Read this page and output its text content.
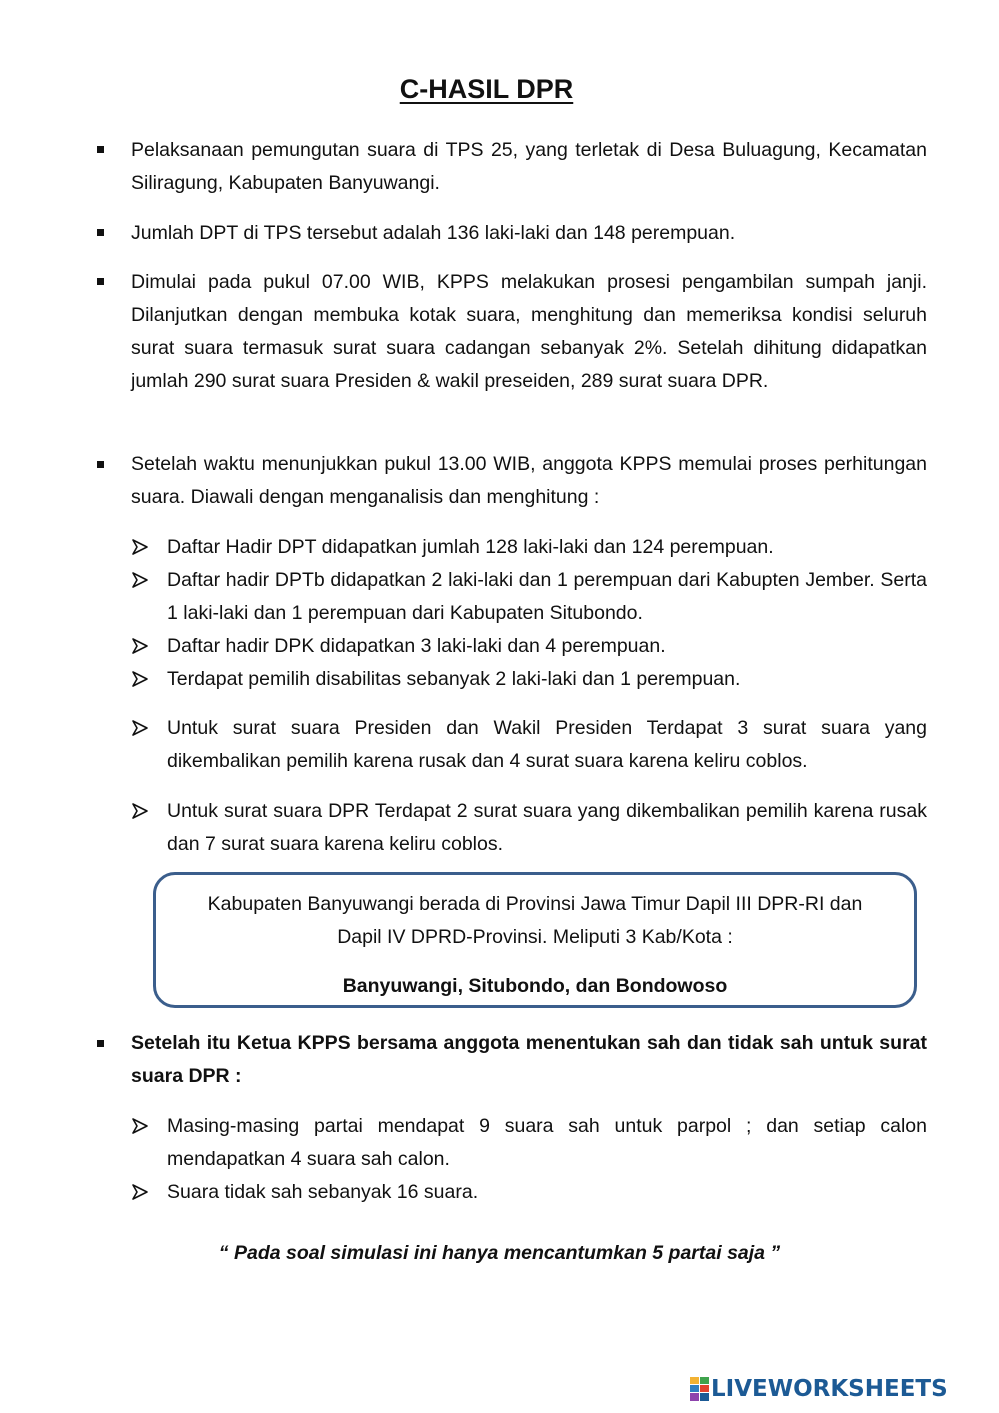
C-HASIL DPR
Pelaksanaan pemungutan suara di TPS 25, yang terletak di Desa Buluagung, Kecamatan Siliragung, Kabupaten Banyuwangi.
Jumlah DPT di TPS tersebut adalah 136 laki-laki dan 148 perempuan.
Dimulai pada pukul 07.00 WIB, KPPS melakukan prosesi pengambilan sumpah janji. Dilanjutkan dengan membuka kotak suara, menghitung dan memeriksa kondisi seluruh surat suara termasuk surat suara cadangan sebanyak 2%. Setelah dihitung didapatkan jumlah 290 surat suara Presiden & wakil preseiden, 289 surat suara DPR.
Setelah waktu menunjukkan pukul 13.00 WIB, anggota KPPS memulai proses perhitungan suara. Diawali dengan menganalisis dan menghitung :
Daftar Hadir DPT didapatkan jumlah 128 laki-laki dan 124 perempuan.
Daftar hadir DPTb didapatkan 2 laki-laki dan 1 perempuan dari Kabupten Jember. Serta 1 laki-laki dan 1 perempuan dari Kabupaten Situbondo.
Daftar hadir DPK didapatkan 3 laki-laki dan 4 perempuan.
Terdapat pemilih disabilitas sebanyak 2 laki-laki dan 1 perempuan.
Untuk surat suara Presiden dan Wakil Presiden Terdapat 3 surat suara yang dikembalikan pemilih karena rusak dan 4 surat suara karena keliru coblos.
Untuk surat suara DPR Terdapat 2 surat suara yang dikembalikan pemilih karena rusak dan 7 surat suara karena keliru coblos.
Kabupaten Banyuwangi berada di Provinsi Jawa Timur Dapil III DPR-RI dan
Dapil IV DPRD-Provinsi. Meliputi 3 Kab/Kota :
Banyuwangi, Situbondo, dan Bondowoso
Setelah itu Ketua KPPS bersama anggota menentukan sah dan tidak sah untuk surat suara DPR :
Masing-masing partai mendapat 9 suara sah untuk parpol ; dan setiap calon mendapatkan 4 suara sah calon.
Suara tidak sah sebanyak 16 suara.
“ Pada soal simulasi ini hanya mencantumkan 5 partai saja ”
LIVEWORKSHEETS
